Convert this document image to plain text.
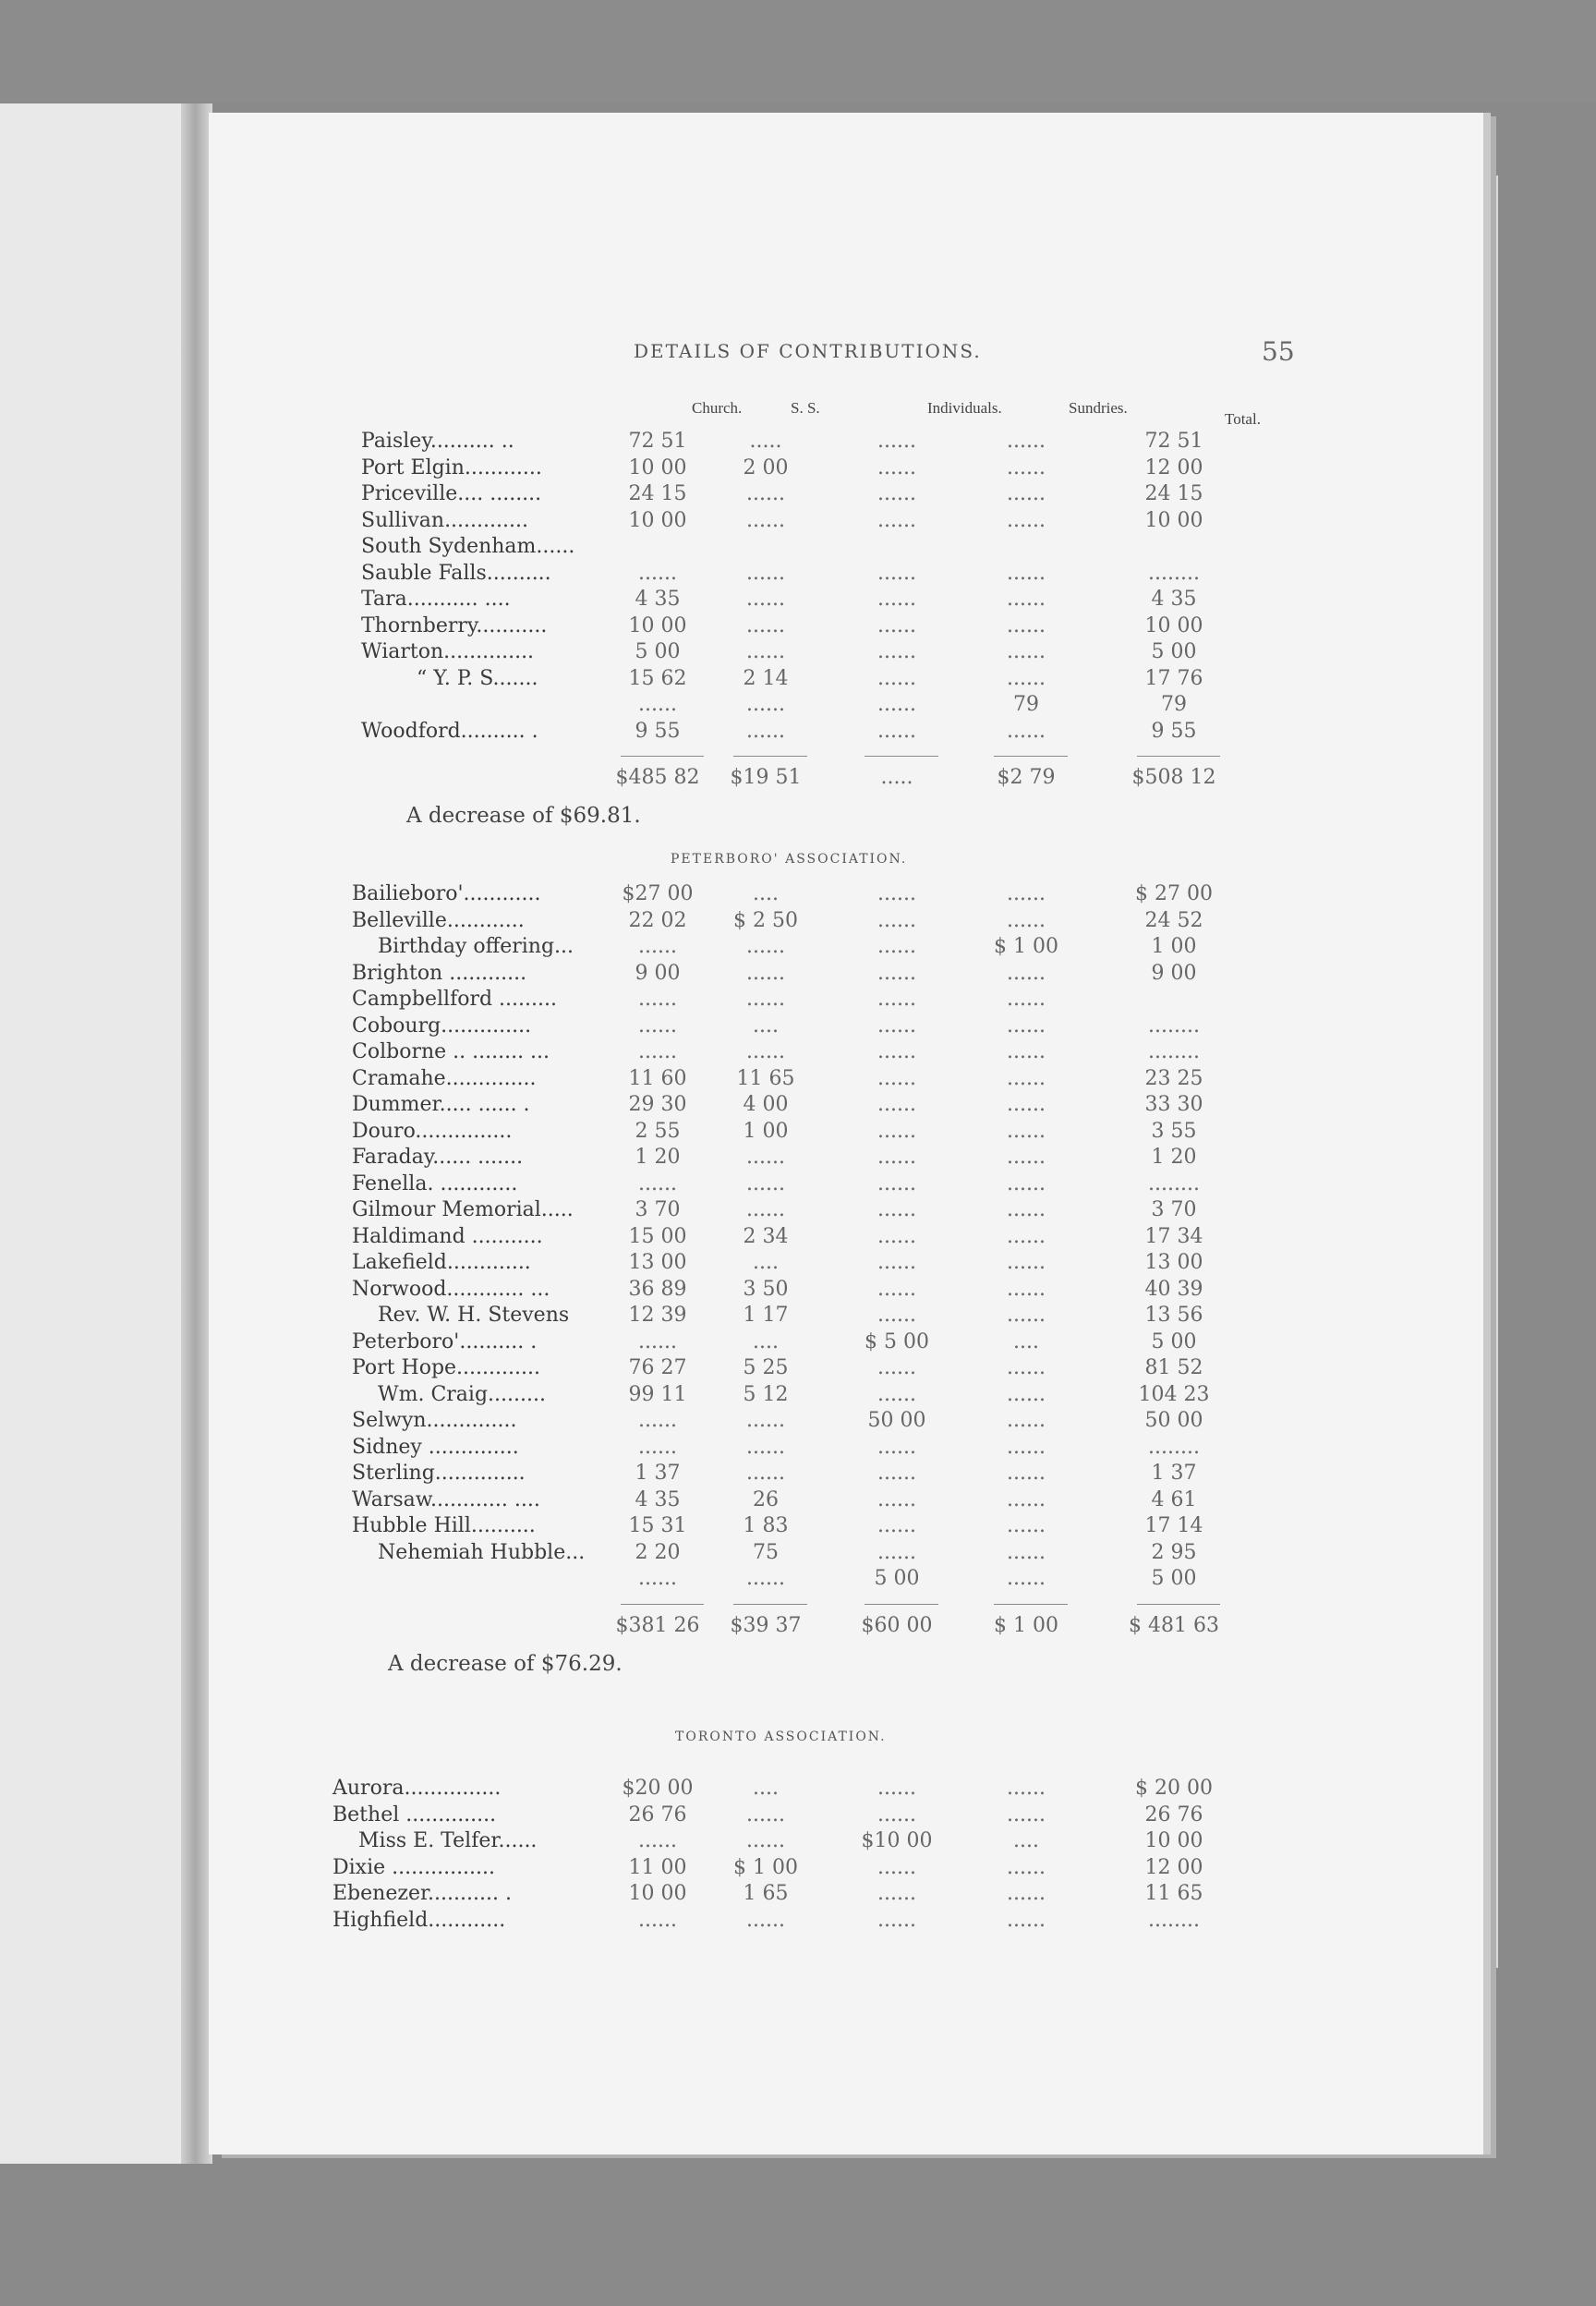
DETAILS OF CONTRIBUTIONS.	55
Church.	S. S.	Individuals.	Sundries.
Total.
Paisley.......... ..	72 51	.....	......	......	72 51
Port Elgin............	10 00	2 00	......	......	12 00
Priceville.... ........	24 15	......	......	......	24 15
Sullivan.............	10 00	......	......	......	10 00
South Sydenham......
Sauble Falls..........	......	......	......	......	........
Tara........... ....	4 35	......	......	......	4 35
Thornberry...........	10 00	......	......	......	10 00
Wiarton..............	5 00	......	......	......	5 00
“ Y. P. S.......	15 62	2 14	......	......	17 76
......	......	......	79	79
Woodford.......... .	9 55	......	......	......	9 55
$485 82	$19 51	.....	$2 79	$508 12
A decrease of $69.81.
PETERBORO' ASSOCIATION.
Bailieboro'............	$27 00	....	......	......	$ 27 00
Belleville............	22 02	$ 2 50	......	......	24 52
Birthday offering...	......	......	......	$ 1 00	1 00
Brighton ............	9 00	......	......	......	9 00
Campbellford .........	......	......	......	......
Cobourg..............	......	....	......	......	........
Colborne .. ........ ...	......	......	......	......	........
Cramahe..............	11 60	11 65	......	......	23 25
Dummer..... ...... .	29 30	4 00	......	......	33 30
Douro...............	2 55	1 00	......	......	3 55
Faraday...... .......	1 20	......	......	......	1 20
Fenella. ............	......	......	......	......	........
Gilmour Memorial.....	3 70	......	......	......	3 70
Haldimand ...........	15 00	2 34	......	......	17 34
Lakefield.............	13 00	....	......	......	13 00
Norwood............ ...	36 89	3 50	......	......	40 39
Rev. W. H. Stevens	12 39	1 17	......	......	13 56
Peterboro'.......... .	......	....	$ 5 00	....	5 00
Port Hope.............	76 27	5 25	......	......	81 52
Wm. Craig.........	99 11	5 12	......	......	104 23
Selwyn..............	......	......	50 00	......	50 00
Sidney ..............	......	......	......	......	........
Sterling..............	1 37	......	......	......	1 37
Warsaw............ ....	4 35	26	......	......	4 61
Hubble Hill..........	15 31	1 83	......	......	17 14
Nehemiah Hubble...	2 20	75	......	......	2 95
......	......	5 00	......	5 00
$381 26	$39 37	$60 00	$ 1 00	$ 481 63
A decrease of $76.29.
TORONTO ASSOCIATION.
Aurora...............	$20 00	....	......	......	$ 20 00
Bethel ..............	26 76	......	......	......	26 76
Miss E. Telfer......	......	......	$10 00	....	10 00
Dixie ................	11 00	$ 1 00	......	......	12 00
Ebenezer........... .	10 00	1 65	......	......	11 65
Highfield............	......	......	......	......	........
